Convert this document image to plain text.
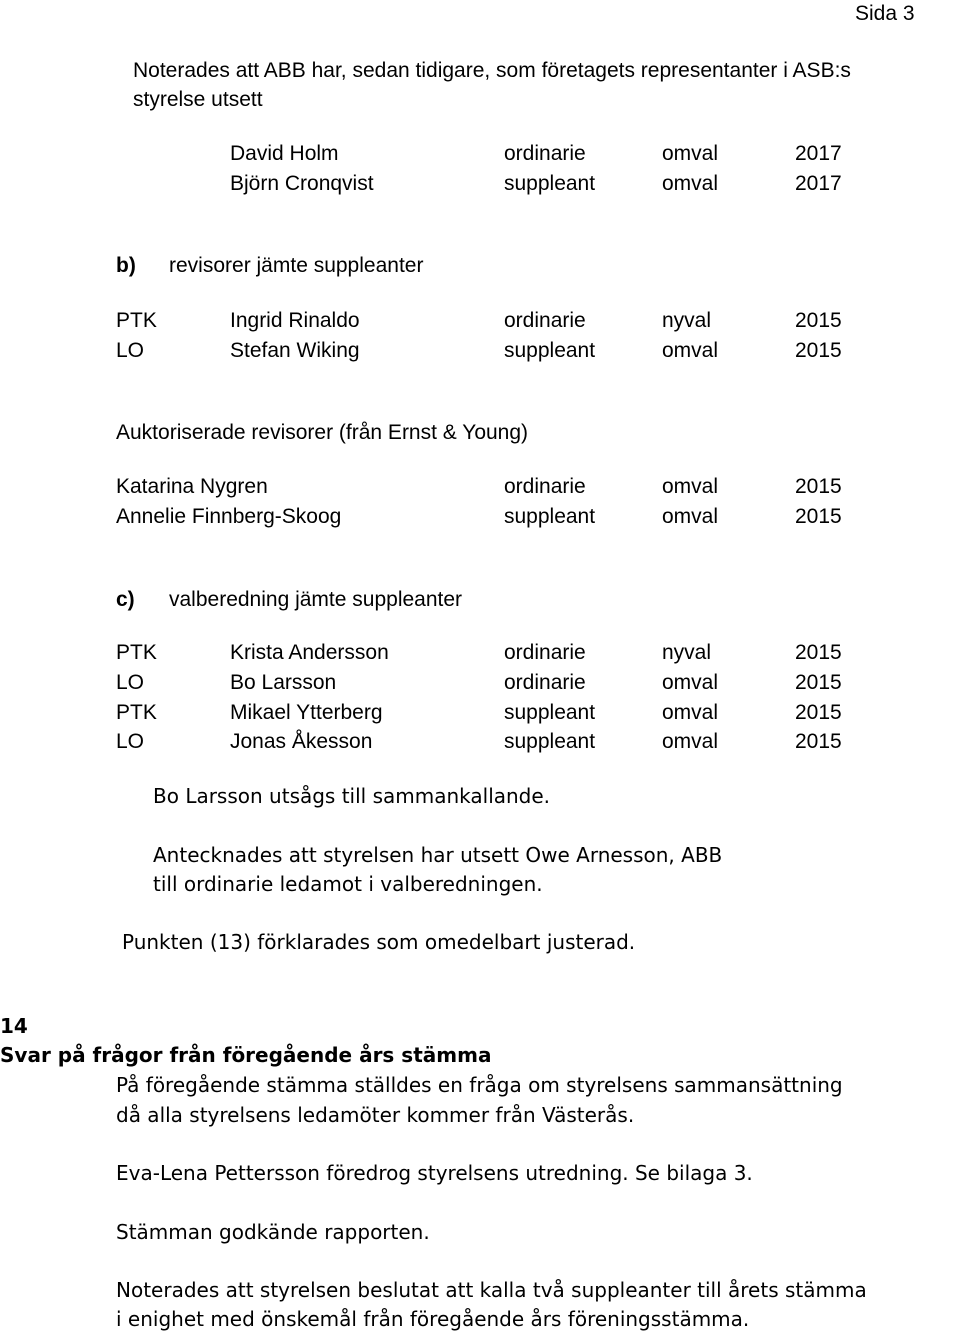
Sida 3
Noterades att ABB har, sedan tidigare, som företagets representanter i ASB:s
styrelse utsett
David Holm	ordinarie	omval	2017
Björn Cronqvist	suppleant	omval	2017
b) revisorer jämte suppleanter
PTK	Ingrid Rinaldo	ordinarie	nyval	2015
LO	Stefan Wiking	suppleant	omval	2015
Auktoriserade revisorer (från Ernst & Young)
Katarina Nygren	ordinarie	omval	2015
Annelie Finnberg-Skoog	suppleant	omval	2015
c) valberedning jämte suppleanter
PTK	Krista Andersson	ordinarie	nyval	2015
LO	Bo Larsson	ordinarie	omval	2015
PTK	Mikael Ytterberg	suppleant	omval	2015
LO	Jonas Åkesson	suppleant	omval	2015
Bo Larsson utsågs till sammankallande.
Antecknades att styrelsen har utsett Owe Arnesson, ABB
till ordinarie ledamot i valberedningen.
Punkten (13) förklarades som omedelbart justerad.
14
Svar på frågor från föregående års stämma
På föregående stämma ställdes en fråga om styrelsens sammansättning
då alla styrelsens ledamöter kommer från Västerås.
Eva-Lena Pettersson föredrog styrelsens utredning. Se bilaga 3.
Stämman godkände rapporten.
Noterades att styrelsen beslutat att kalla två suppleanter till årets stämma
i enighet med önskemål från föregående års föreningsstämma.
